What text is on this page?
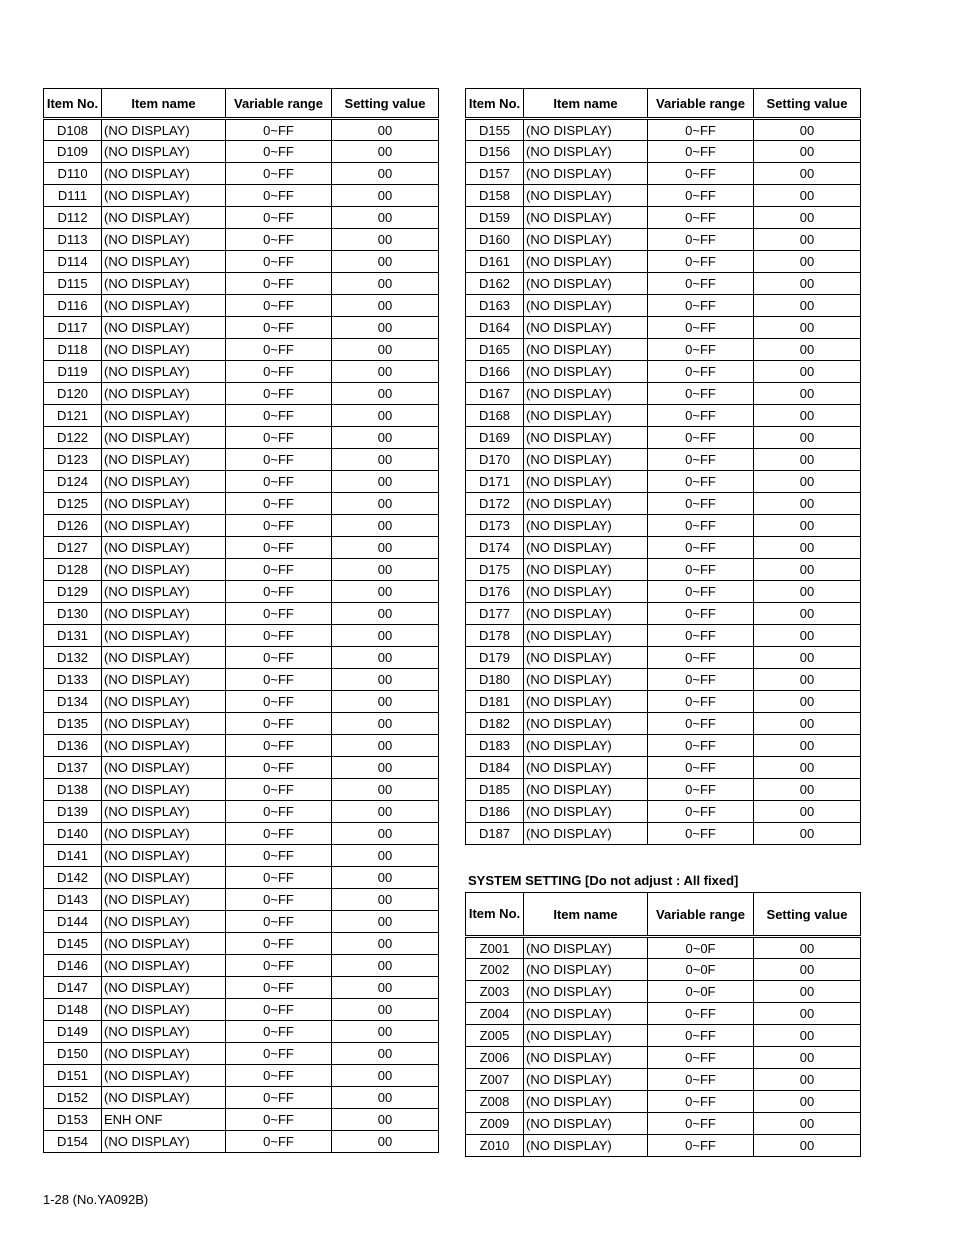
Item No.	Item name	Variable range	Setting value
D108	(NO DISPLAY)	0~FF	00
D109	(NO DISPLAY)	0~FF	00
D110	(NO DISPLAY)	0~FF	00
D111	(NO DISPLAY)	0~FF	00
D112	(NO DISPLAY)	0~FF	00
D113	(NO DISPLAY)	0~FF	00
D114	(NO DISPLAY)	0~FF	00
D115	(NO DISPLAY)	0~FF	00
D116	(NO DISPLAY)	0~FF	00
D117	(NO DISPLAY)	0~FF	00
D118	(NO DISPLAY)	0~FF	00
D119	(NO DISPLAY)	0~FF	00
D120	(NO DISPLAY)	0~FF	00
D121	(NO DISPLAY)	0~FF	00
D122	(NO DISPLAY)	0~FF	00
D123	(NO DISPLAY)	0~FF	00
D124	(NO DISPLAY)	0~FF	00
D125	(NO DISPLAY)	0~FF	00
D126	(NO DISPLAY)	0~FF	00
D127	(NO DISPLAY)	0~FF	00
D128	(NO DISPLAY)	0~FF	00
D129	(NO DISPLAY)	0~FF	00
D130	(NO DISPLAY)	0~FF	00
D131	(NO DISPLAY)	0~FF	00
D132	(NO DISPLAY)	0~FF	00
D133	(NO DISPLAY)	0~FF	00
D134	(NO DISPLAY)	0~FF	00
D135	(NO DISPLAY)	0~FF	00
D136	(NO DISPLAY)	0~FF	00
D137	(NO DISPLAY)	0~FF	00
D138	(NO DISPLAY)	0~FF	00
D139	(NO DISPLAY)	0~FF	00
D140	(NO DISPLAY)	0~FF	00
D141	(NO DISPLAY)	0~FF	00
D142	(NO DISPLAY)	0~FF	00
D143	(NO DISPLAY)	0~FF	00
D144	(NO DISPLAY)	0~FF	00
D145	(NO DISPLAY)	0~FF	00
D146	(NO DISPLAY)	0~FF	00
D147	(NO DISPLAY)	0~FF	00
D148	(NO DISPLAY)	0~FF	00
D149	(NO DISPLAY)	0~FF	00
D150	(NO DISPLAY)	0~FF	00
D151	(NO DISPLAY)	0~FF	00
D152	(NO DISPLAY)	0~FF	00
D153	ENH ONF	0~FF	00
D154	(NO DISPLAY)	0~FF	00
Item No.	Item name	Variable range	Setting value
D155	(NO DISPLAY)	0~FF	00
D156	(NO DISPLAY)	0~FF	00
D157	(NO DISPLAY)	0~FF	00
D158	(NO DISPLAY)	0~FF	00
D159	(NO DISPLAY)	0~FF	00
D160	(NO DISPLAY)	0~FF	00
D161	(NO DISPLAY)	0~FF	00
D162	(NO DISPLAY)	0~FF	00
D163	(NO DISPLAY)	0~FF	00
D164	(NO DISPLAY)	0~FF	00
D165	(NO DISPLAY)	0~FF	00
D166	(NO DISPLAY)	0~FF	00
D167	(NO DISPLAY)	0~FF	00
D168	(NO DISPLAY)	0~FF	00
D169	(NO DISPLAY)	0~FF	00
D170	(NO DISPLAY)	0~FF	00
D171	(NO DISPLAY)	0~FF	00
D172	(NO DISPLAY)	0~FF	00
D173	(NO DISPLAY)	0~FF	00
D174	(NO DISPLAY)	0~FF	00
D175	(NO DISPLAY)	0~FF	00
D176	(NO DISPLAY)	0~FF	00
D177	(NO DISPLAY)	0~FF	00
D178	(NO DISPLAY)	0~FF	00
D179	(NO DISPLAY)	0~FF	00
D180	(NO DISPLAY)	0~FF	00
D181	(NO DISPLAY)	0~FF	00
D182	(NO DISPLAY)	0~FF	00
D183	(NO DISPLAY)	0~FF	00
D184	(NO DISPLAY)	0~FF	00
D185	(NO DISPLAY)	0~FF	00
D186	(NO DISPLAY)	0~FF	00
D187	(NO DISPLAY)	0~FF	00
SYSTEM SETTING [Do not adjust : All fixed]
Item No.	Item name	Variable range	Setting value
Z001	(NO DISPLAY)	0~0F	00
Z002	(NO DISPLAY)	0~0F	00
Z003	(NO DISPLAY)	0~0F	00
Z004	(NO DISPLAY)	0~FF	00
Z005	(NO DISPLAY)	0~FF	00
Z006	(NO DISPLAY)	0~FF	00
Z007	(NO DISPLAY)	0~FF	00
Z008	(NO DISPLAY)	0~FF	00
Z009	(NO DISPLAY)	0~FF	00
Z010	(NO DISPLAY)	0~FF	00
1-28 (No.YA092B)
